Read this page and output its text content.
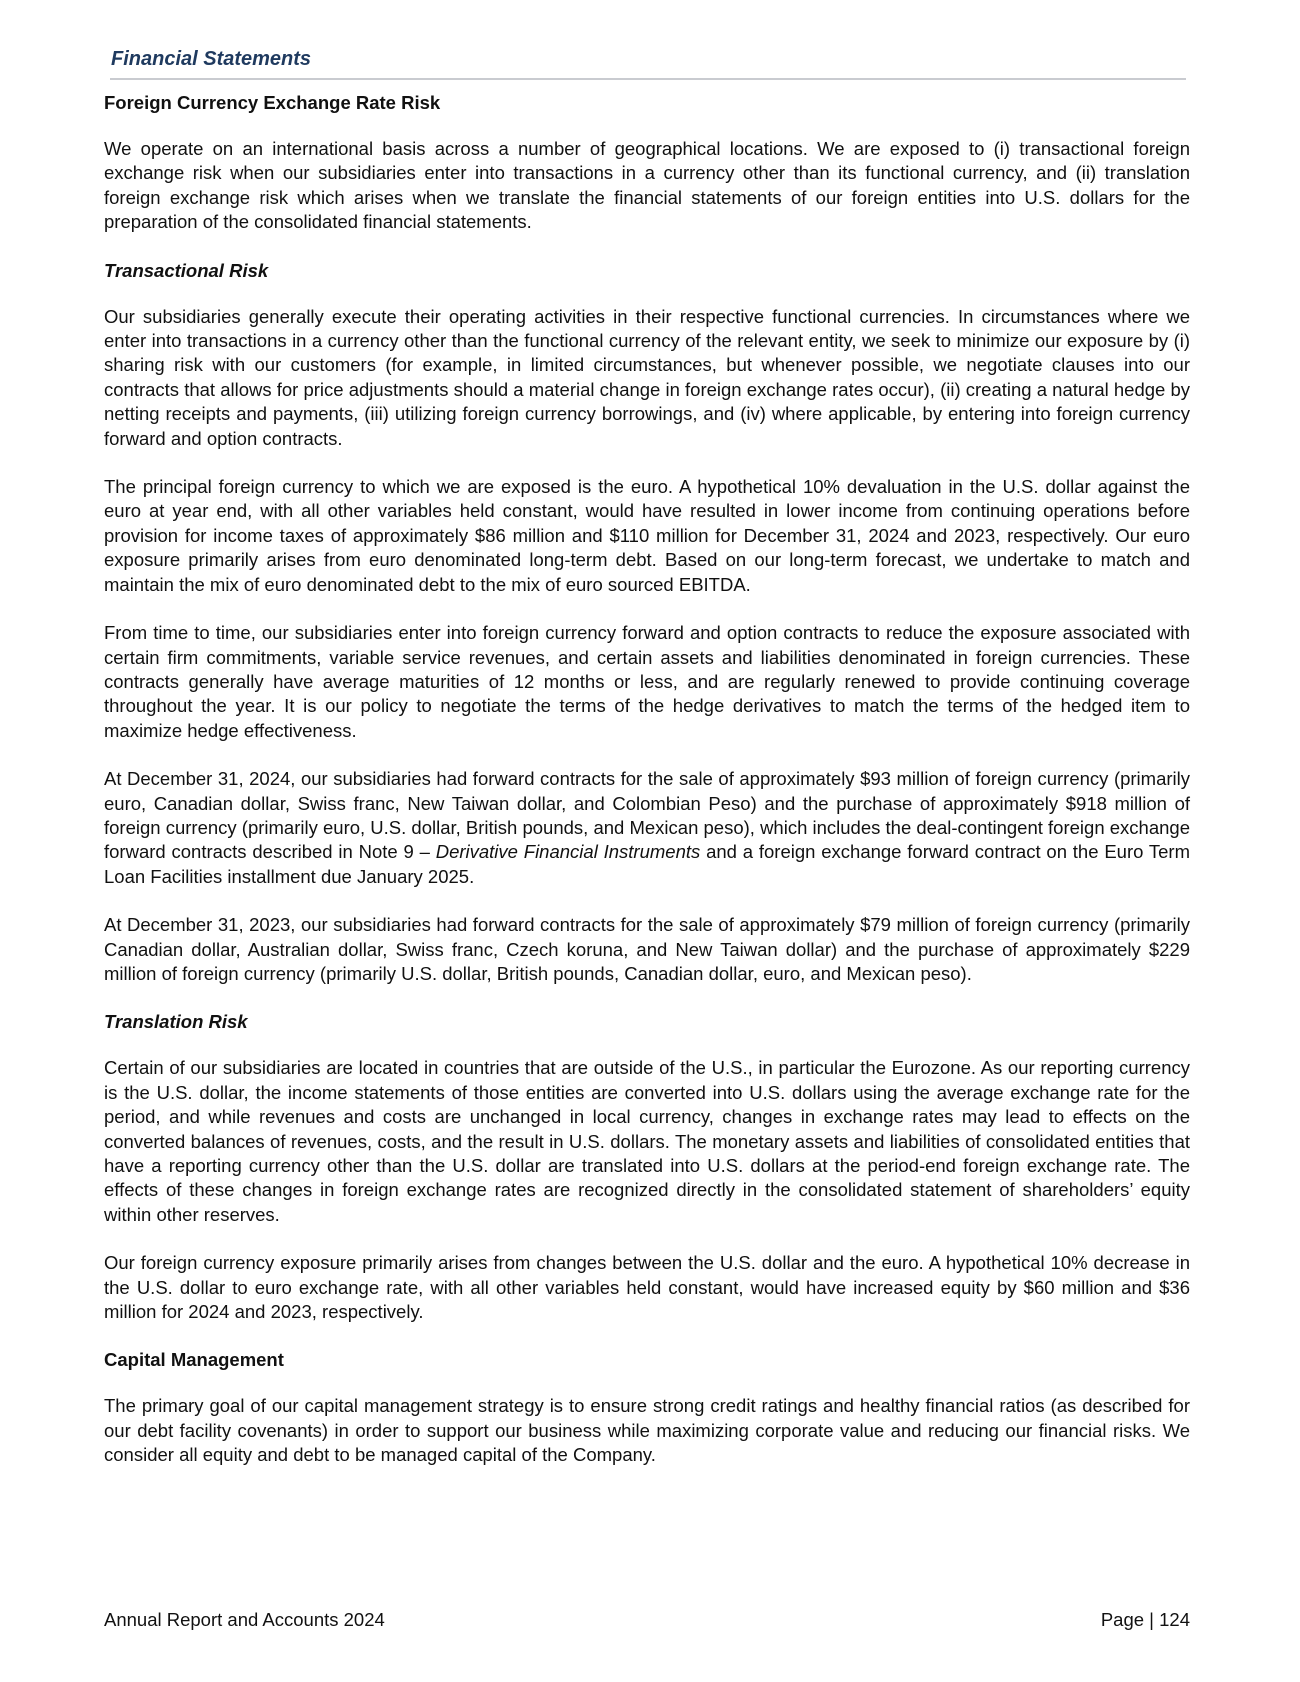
Financial Statements
Foreign Currency Exchange Rate Risk

We operate on an international basis across a number of geographical locations. We are exposed to (i) transactional foreign exchange risk when our subsidiaries enter into transactions in a currency other than its functional currency, and (ii) translation foreign exchange risk which arises when we translate the financial statements of our foreign entities into U.S. dollars for the preparation of the consolidated financial statements.

Transactional Risk

Our subsidiaries generally execute their operating activities in their respective functional currencies. In circumstances where we enter into transactions in a currency other than the functional currency of the relevant entity, we seek to minimize our exposure by (i) sharing risk with our customers (for example, in limited circumstances, but whenever possible, we negotiate clauses into our contracts that allows for price adjustments should a material change in foreign exchange rates occur), (ii) creating a natural hedge by netting receipts and payments, (iii) utilizing foreign currency borrowings, and (iv) where applicable, by entering into foreign currency forward and option contracts.

The principal foreign currency to which we are exposed is the euro. A hypothetical 10% devaluation in the U.S. dollar against the euro at year end, with all other variables held constant, would have resulted in lower income from continuing operations before provision for income taxes of approximately $86 million and $110 million for December 31, 2024 and 2023, respectively. Our euro exposure primarily arises from euro denominated long-term debt. Based on our long-term forecast, we undertake to match and maintain the mix of euro denominated debt to the mix of euro sourced EBITDA.

From time to time, our subsidiaries enter into foreign currency forward and option contracts to reduce the exposure associated with certain firm commitments, variable service revenues, and certain assets and liabilities denominated in foreign currencies. These contracts generally have average maturities of 12 months or less, and are regularly renewed to provide continuing coverage throughout the year. It is our policy to negotiate the terms of the hedge derivatives to match the terms of the hedged item to maximize hedge effectiveness.

At December 31, 2024, our subsidiaries had forward contracts for the sale of approximately $93 million of foreign currency (primarily euro, Canadian dollar, Swiss franc, New Taiwan dollar, and Colombian Peso) and the purchase of approximately $918 million of foreign currency (primarily euro, U.S. dollar, British pounds, and Mexican peso), which includes the deal-contingent foreign exchange forward contracts described in Note 9 – Derivative Financial Instruments and a foreign exchange forward contract on the Euro Term Loan Facilities installment due January 2025.

At December 31, 2023, our subsidiaries had forward contracts for the sale of approximately $79 million of foreign currency (primarily Canadian dollar, Australian dollar, Swiss franc, Czech koruna, and New Taiwan dollar) and the purchase of approximately $229 million of foreign currency (primarily U.S. dollar, British pounds, Canadian dollar, euro, and Mexican peso).

Translation Risk

Certain of our subsidiaries are located in countries that are outside of the U.S., in particular the Eurozone. As our reporting currency is the U.S. dollar, the income statements of those entities are converted into U.S. dollars using the average exchange rate for the period, and while revenues and costs are unchanged in local currency, changes in exchange rates may lead to effects on the converted balances of revenues, costs, and the result in U.S. dollars. The monetary assets and liabilities of consolidated entities that have a reporting currency other than the U.S. dollar are translated into U.S. dollars at the period-end foreign exchange rate. The effects of these changes in foreign exchange rates are recognized directly in the consolidated statement of shareholders’ equity within other reserves.

Our foreign currency exposure primarily arises from changes between the U.S. dollar and the euro. A hypothetical 10% decrease in the U.S. dollar to euro exchange rate, with all other variables held constant, would have increased equity by $60 million and $36 million for 2024 and 2023, respectively.

Capital Management

The primary goal of our capital management strategy is to ensure strong credit ratings and healthy financial ratios (as described for our debt facility covenants) in order to support our business while maximizing corporate value and reducing our financial risks. We consider all equity and debt to be managed capital of the Company.

Annual Report and Accounts 2024	Page | 124
